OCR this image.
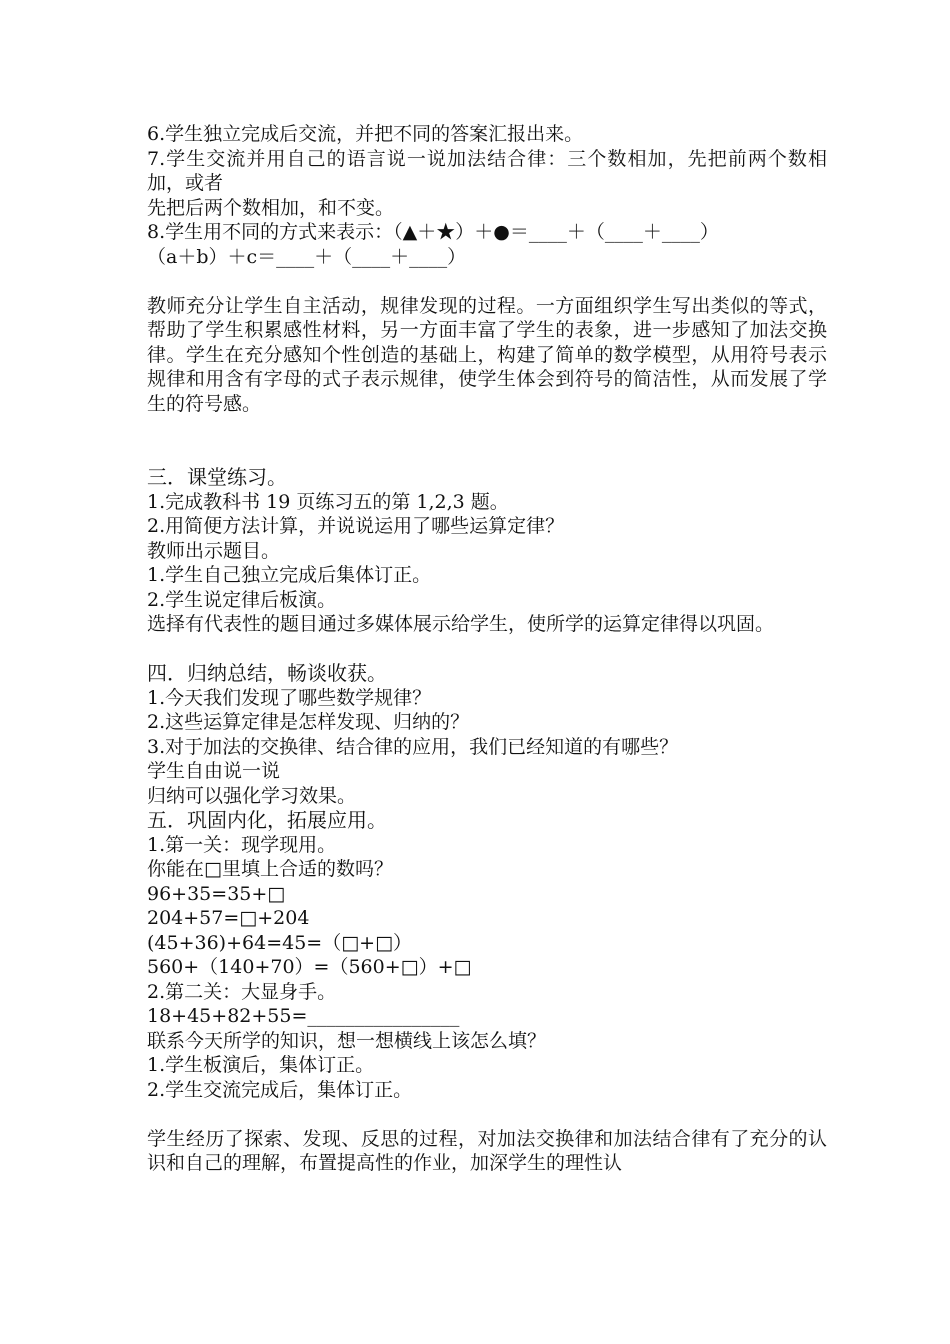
6.学生独立完成后交流，并把不同的答案汇报出来。
7.学生交流并用自己的语言说一说加法结合律：三个数相加，先把前两个数相加，或者
先把后两个数相加，和不变。
8.学生用不同的方式来表示：（▲＋★）＋●＝____＋（____＋____）
（a＋b）＋c＝____＋（____＋____）

教师充分让学生自主活动，规律发现的过程。一方面组织学生写出类似的等式，帮助了学生积累感性材料，另一方面丰富了学生的表象，进一步感知了加法交换律。学生在充分感知个性创造的基础上，构建了简单的数学模型，从用符号表示规律和用含有字母的式子表示规律，使学生体会到符号的简洁性，从而发展了学生的符号感。

三．课堂练习。
1.完成教科书 19 页练习五的第 1,2,3 题。
2.用简便方法计算，并说说运用了哪些运算定律？
教师出示题目。
1.学生自己独立完成后集体订正。
2.学生说定律后板演。

选择有代表性的题目通过多媒体展示给学生，使所学的运算定律得以巩固。

四．归纳总结，畅谈收获。
1.今天我们发现了哪些数学规律？
2.这些运算定律是怎样发现、归纳的？
3.对于加法的交换律、结合律的应用，我们已经知道的有哪些？
学生自由说一说
归纳可以强化学习效果。
五．巩固内化，拓展应用。
1.第一关：现学现用。
你能在□里填上合适的数吗？
96+35=35+□
204+57=□+204
(45+36)+64=45=（□+□）
560+（140+70）=（560+□）+□
2.第二关：大显身手。
18+45+82+55=________________
联系今天所学的知识，想一想横线上该怎么填？
1.学生板演后，集体订正。
2.学生交流完成后，集体订正。

学生经历了探索、发现、反思的过程，对加法交换律和加法结合律有了充分的认识和自己的理解，布置提高性的作业，加深学生的理性认
